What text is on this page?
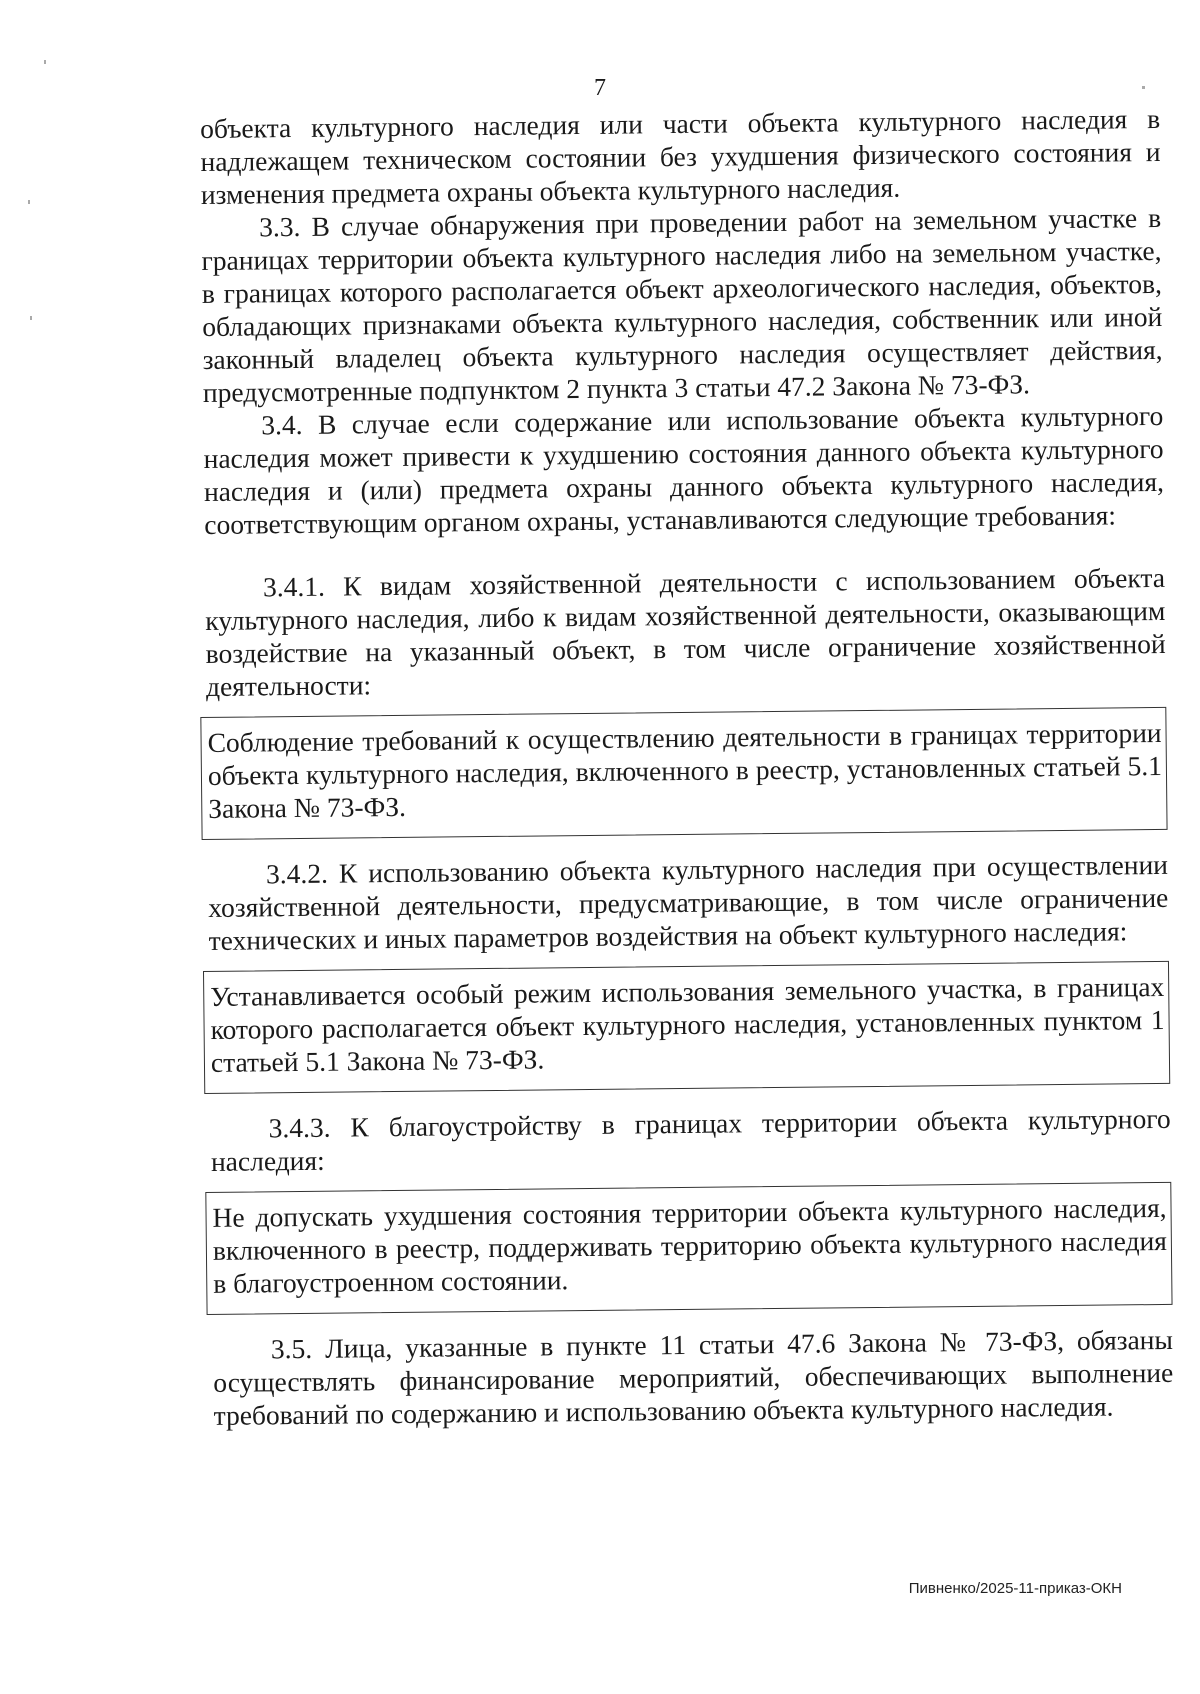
7

объекта культурного наследия или части объекта культурного наследия в надлежащем техническом состоянии без ухудшения физического состояния и изменения предмета охраны объекта культурного наследия.

3.3. В случае обнаружения при проведении работ на земельном участке в границах территории объекта культурного наследия либо на земельном участке, в границах которого располагается объект археологического наследия, объектов, обладающих признаками объекта культурного наследия, собственник или иной законный владелец объекта культурного наследия осуществляет действия, предусмотренные подпунктом 2 пункта 3 статьи 47.2 Закона № 73-ФЗ.

3.4. В случае если содержание или использование объекта культурного наследия может привести к ухудшению состояния данного объекта культурного наследия и (или) предмета охраны данного объекта культурного наследия, соответствующим органом охраны, устанавливаются следующие требования:

3.4.1. К видам хозяйственной деятельности с использованием объекта культурного наследия, либо к видам хозяйственной деятельности, оказывающим воздействие на указанный объект, в том числе ограничение хозяйственной деятельности:

Соблюдение требований к осуществлению деятельности в границах территории объекта культурного наследия, включенного в реестр, установленных статьей 5.1 Закона № 73-ФЗ.

3.4.2. К использованию объекта культурного наследия при осуществлении хозяйственной деятельности, предусматривающие, в том числе ограничение технических и иных параметров воздействия на объект культурного наследия:

Устанавливается особый режим использования земельного участка, в границах которого располагается объект культурного наследия, установленных пунктом 1 статьей 5.1 Закона № 73-ФЗ.

3.4.3. К благоустройству в границах территории объекта культурного наследия:

Не допускать ухудшения состояния территории объекта культурного наследия, включенного в реестр, поддерживать территорию объекта культурного наследия в благоустроенном состоянии.

3.5. Лица, указанные в пункте 11 статьи 47.6 Закона № 73-ФЗ, обязаны осуществлять финансирование мероприятий, обеспечивающих выполнение требований по содержанию и использованию объекта культурного наследия.

Пивненко/2025-11-приказ-ОКН
